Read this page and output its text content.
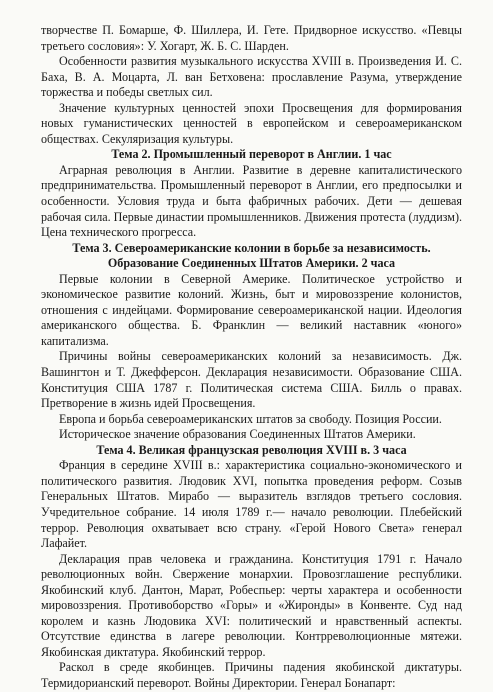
творчестве П. Бомарше, Ф. Шиллера, И. Гете. Придворное искусство. «Певцы третьего сословия»: У. Хогарт, Ж. Б. С. Шарден.

Особенности развития музыкального искусства XVIII в. Произведения И. С. Баха, В. А. Моцарта, Л. ван Бетховена: прославление Разума, утверждение торжества и победы светлых сил.

Значение культурных ценностей эпохи Просвещения для формирования новых гуманистических ценностей в европейском и североамериканском обществах. Секуляризация культуры.

Тема 2. Промышленный переворот в Англии. 1 час

Аграрная революция в Англии. Развитие в деревне капиталистического предпринимательства. Промышленный переворот в Англии, его предпосылки и особенности. Условия труда и быта фабричных рабочих. Дети — дешевая рабочая сила. Первые династии промышленников. Движения протеста (луддизм). Цена технического прогресса.

Тема 3. Североамериканские колонии в борьбе за независимость. Образование Соединенных Штатов Америки. 2 часа

Первые колонии в Северной Америке. Политическое устройство и экономическое развитие колоний. Жизнь, быт и мировоззрение колонистов, отношения с индейцами. Формирование североамериканской нации. Идеология американского общества. Б. Франклин — великий наставник «юного» капитализма.

Причины войны североамериканских колоний за независимость. Дж. Вашингтон и Т. Джефферсон. Декларация независимости. Образование США. Конституция США 1787 г. Политическая система США. Билль о правах. Претворение в жизнь идей Просвещения.

Европа и борьба североамериканских штатов за свободу. Позиция России.

Историческое значение образования Соединенных Штатов Америки.

Тема 4. Великая французская революция XVIII в. 3 часа

Франция в середине XVIII в.: характеристика социально-экономического и политического развития. Людовик XVI, попытка проведения реформ. Созыв Генеральных Штатов. Мирабо — выразитель взглядов третьего сословия. Учредительное собрание. 14 июля 1789 г.— начало революции. Плебейский террор. Революция охватывает всю страну. «Герой Нового Света» генерал Лафайет.

Декларация прав человека и гражданина. Конституция 1791 г. Начало революционных войн. Свержение монархии. Провозглашение республики. Якобинский клуб. Дантон, Марат, Робеспьер: черты характера и особенности мировоззрения. Противоборство «Горы» и «Жиронды» в Конвенте. Суд над королем и казнь Людовика XVI: политический и нравственный аспекты. Отсутствие единства в лагере революции. Контрреволюционные мятежи. Якобинская диктатура. Якобинский террор.

Раскол в среде якобинцев. Причины падения якобинской диктатуры. Термидорианский переворот. Войны Директории. Генерал Бонапарт:
